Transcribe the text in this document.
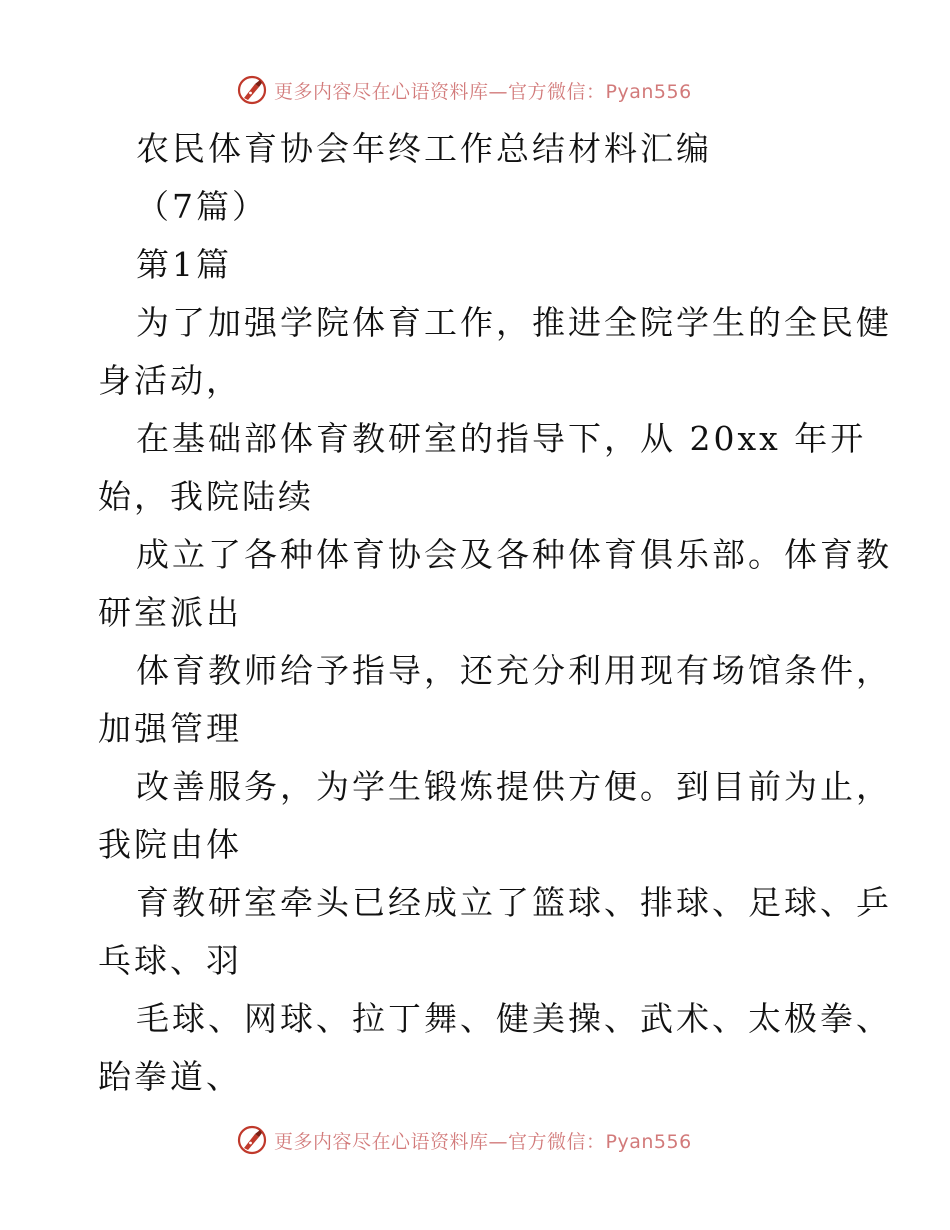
更多内容尽在心语资料库—官方微信：Pyan556
农民体育协会年终工作总结材料汇编
（7篇）
第1篇
为了加强学院体育工作，推进全院学生的全民健
身活动，
在基础部体育教研室的指导下，从 20xx 年开
始，我院陆续
成立了各种体育协会及各种体育俱乐部。体育教
研室派出
体育教师给予指导，还充分利用现有场馆条件，
加强管理
改善服务，为学生锻炼提供方便。到目前为止，
我院由体
育教研室牵头已经成立了篮球、排球、足球、乒
乓球、羽
毛球、网球、拉丁舞、健美操、武术、太极拳、
跆拳道、
更多内容尽在心语资料库—官方微信：Pyan556
